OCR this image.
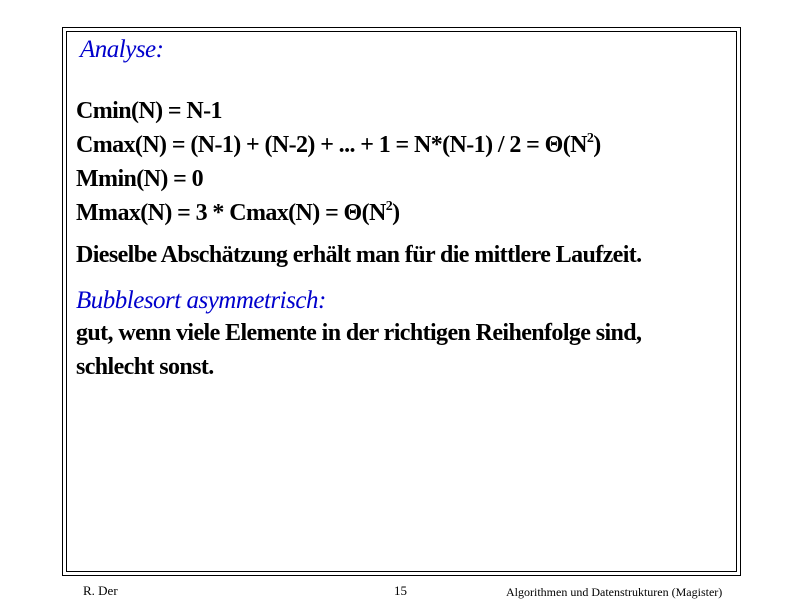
Analyse:
Cmin(N) = N-1
Cmax(N) = (N-1) + (N-2) + ... + $1 = N*(N-1) / 2 = \Theta(N^2)$
Mmin(N) = 0
$Mmax(N) = 3 * Cmax(N) = \Theta(N^2)$
Dieselbe Abschätzung erhält man für die mittlere Laufzeit.
Bubblesort asymmetrisch:
gut, wenn viele Elemente in der richtigen Reihenfolge sind,
schlecht sonst.
R. Der	15	Algorithmen und Datenstrukturen (Magister)
